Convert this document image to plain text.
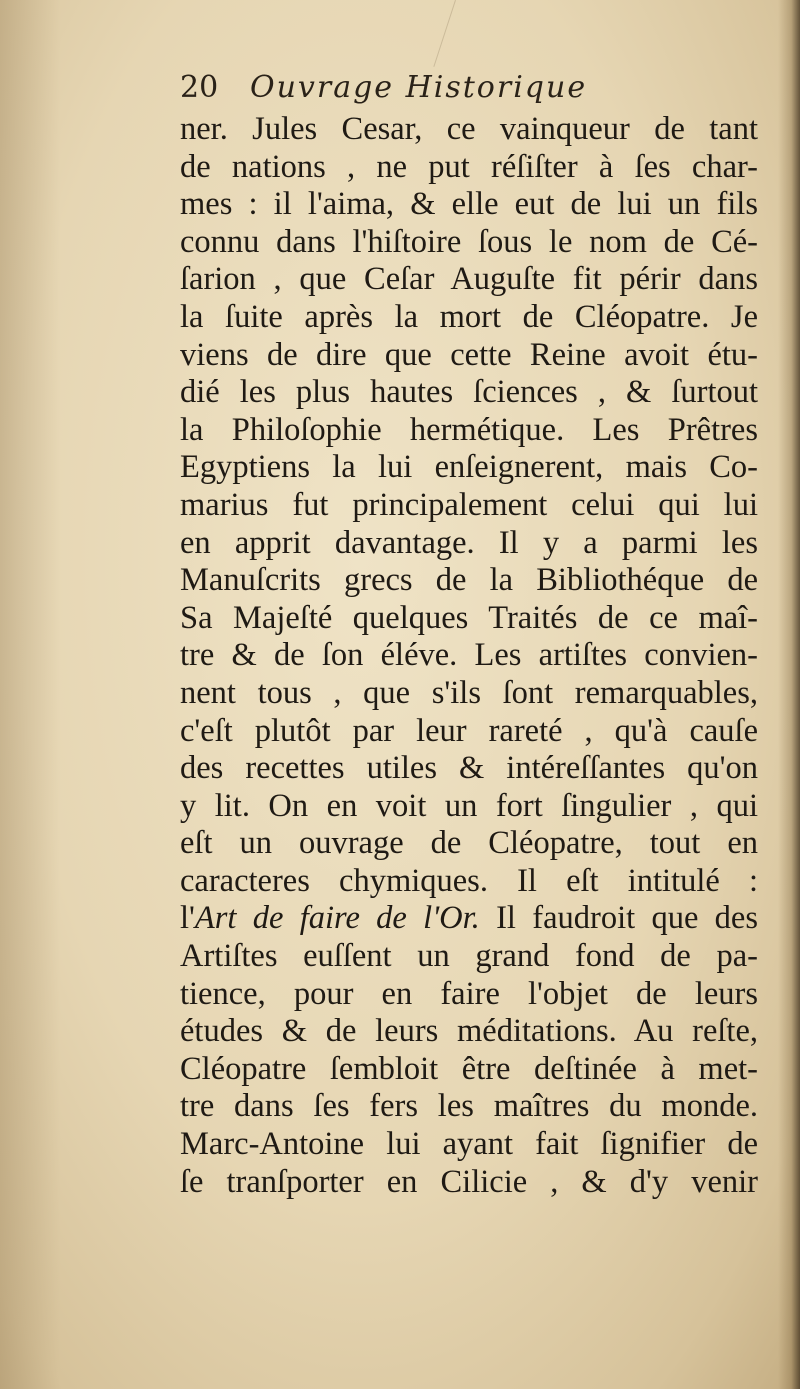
20 Ouvrage Historique
ner. Jules Cesar, ce vainqueur de tant
de nations , ne put réſiſter à ſes char-
mes : il l'aima, & elle eut de lui un fils
connu dans l'hiſtoire ſous le nom de Cé-
ſarion , que Ceſar Auguſte fit périr dans
la ſuite après la mort de Cléopatre. Je
viens de dire que cette Reine avoit étu-
dié les plus hautes ſciences , & ſurtout
la Philoſophie hermétique. Les Prêtres
Egyptiens la lui enſeignerent, mais Co-
marius fut principalement celui qui lui
en apprit davantage. Il y a parmi les
Manuſcrits grecs de la Bibliothéque de
Sa Majeſté quelques Traités de ce maî-
tre & de ſon éléve. Les artiſtes convien-
nent tous , que s'ils ſont remarquables,
c'eſt plutôt par leur rareté , qu'à cauſe
des recettes utiles & intéreſſantes qu'on
y lit. On en voit un fort ſingulier , qui
eſt un ouvrage de Cléopatre, tout en
caracteres chymiques. Il eſt intitulé :
l'Art de faire de l'Or. Il faudroit que des
Artiſtes euſſent un grand fond de pa-
tience, pour en faire l'objet de leurs
études & de leurs méditations. Au reſte,
Cléopatre ſembloit être deſtinée à met-
tre dans ſes fers les maîtres du monde.
Marc-Antoine lui ayant fait ſignifier de
ſe tranſporter en Cilicie , & d'y venir
